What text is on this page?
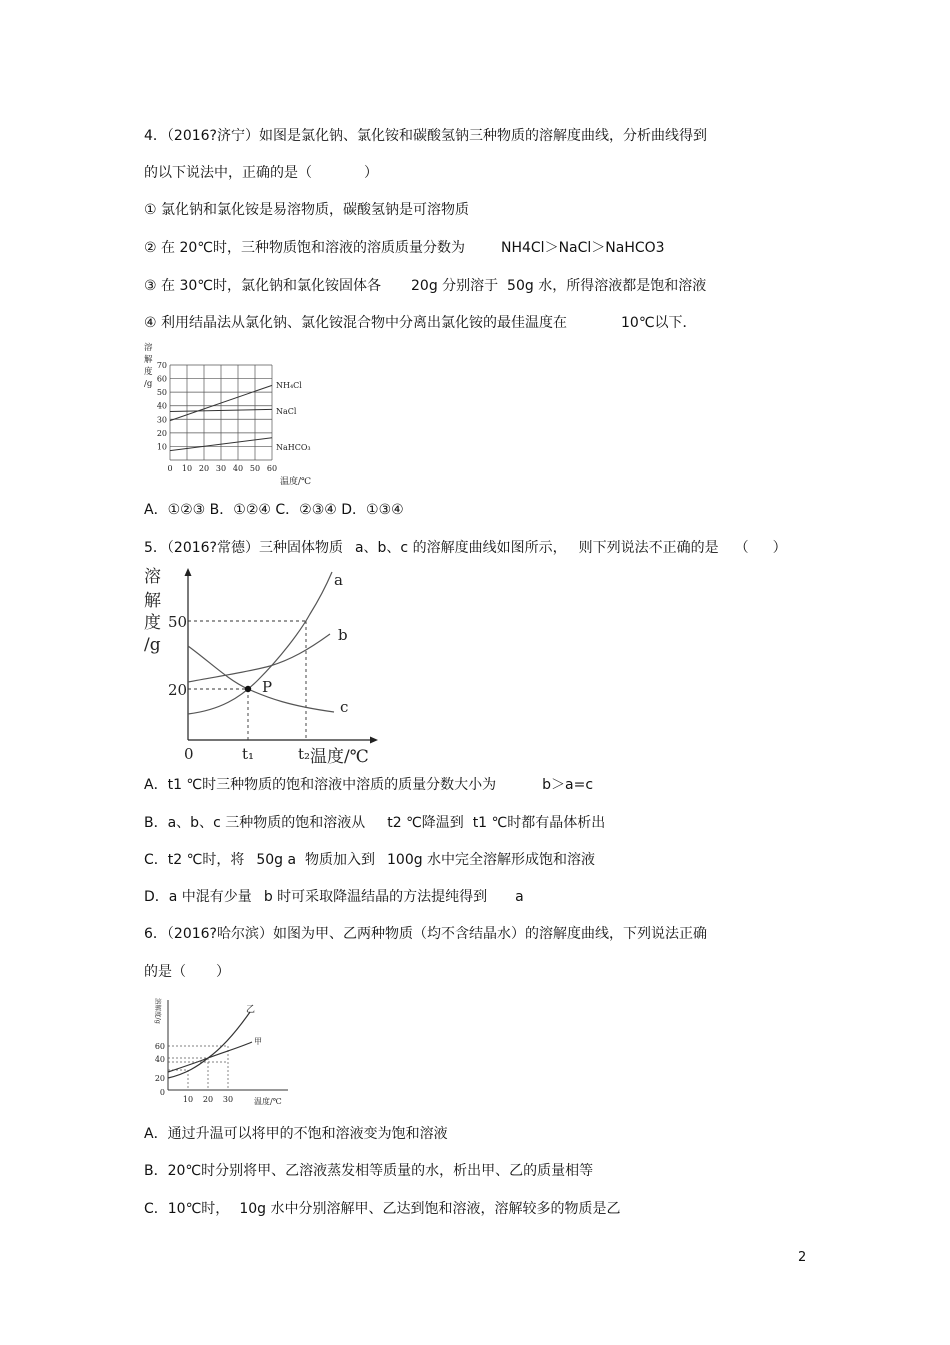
4．（2016?济宁）如图是氯化钠、氯化铵和碳酸氢钠三种物质的溶解度曲线，分析曲线得到
的以下说法中，正确的是（	）
① 氯化钠和氯化铵是易溶物质，碳酸氢钠是可溶物质
② 在 20℃时，三种物质饱和溶液的溶质质量分数为	NH4Cl＞NaCl＞NaHCO3
③ 在 30℃时，氯化钠和氯化铵固体各 20g 分别溶于  50g 水，所得溶液都是饱和溶液
④ 利用结晶法从氯化钠、氯化铵混合物中分离出氯化铵的最佳温度在	10℃以下．
溶
解
度
/g
70
60
50
40
30
20
10
0 10 20 30 40 50 60
温度/℃
NH₄Cl
NaCl
NaHCO₃
A．①②③ B．①②④ C．②③④ D．①③④
5．（2016?常德）三种固体物质 a、b、c 的溶解度曲线如图所示， 则下列说法不正确的是 （ ）
溶
解
度
/g
P
a
b
c
50
20
0	t₁	t₂ 温度/℃
A．t1 ℃时三种物质的饱和溶液中溶质的质量分数大小为	b＞a=c
B．a、b、c 三种物质的饱和溶液从 t2 ℃降温到  t1 ℃时都有晶体析出
C．t2 ℃时，将 50g a  物质加入到 100g 水中完全溶解形成饱和溶液
D．a 中混有少量 b 时可采取降温结晶的方法提纯得到 a
6．（2016?哈尔滨）如图为甲、乙两种物质（均不含结晶水）的溶解度曲线，下列说法正确
的是（ ）
溶解度/g	乙
甲
60
40
20
0
10 20 30	温度/℃
A．通过升温可以将甲的不饱和溶液变为饱和溶液
B．20℃时分别将甲、乙溶液蒸发相等质量的水，析出甲、乙的质量相等
C．10℃时， 10g 水中分别溶解甲、乙达到饱和溶液，溶解较多的物质是乙
2
